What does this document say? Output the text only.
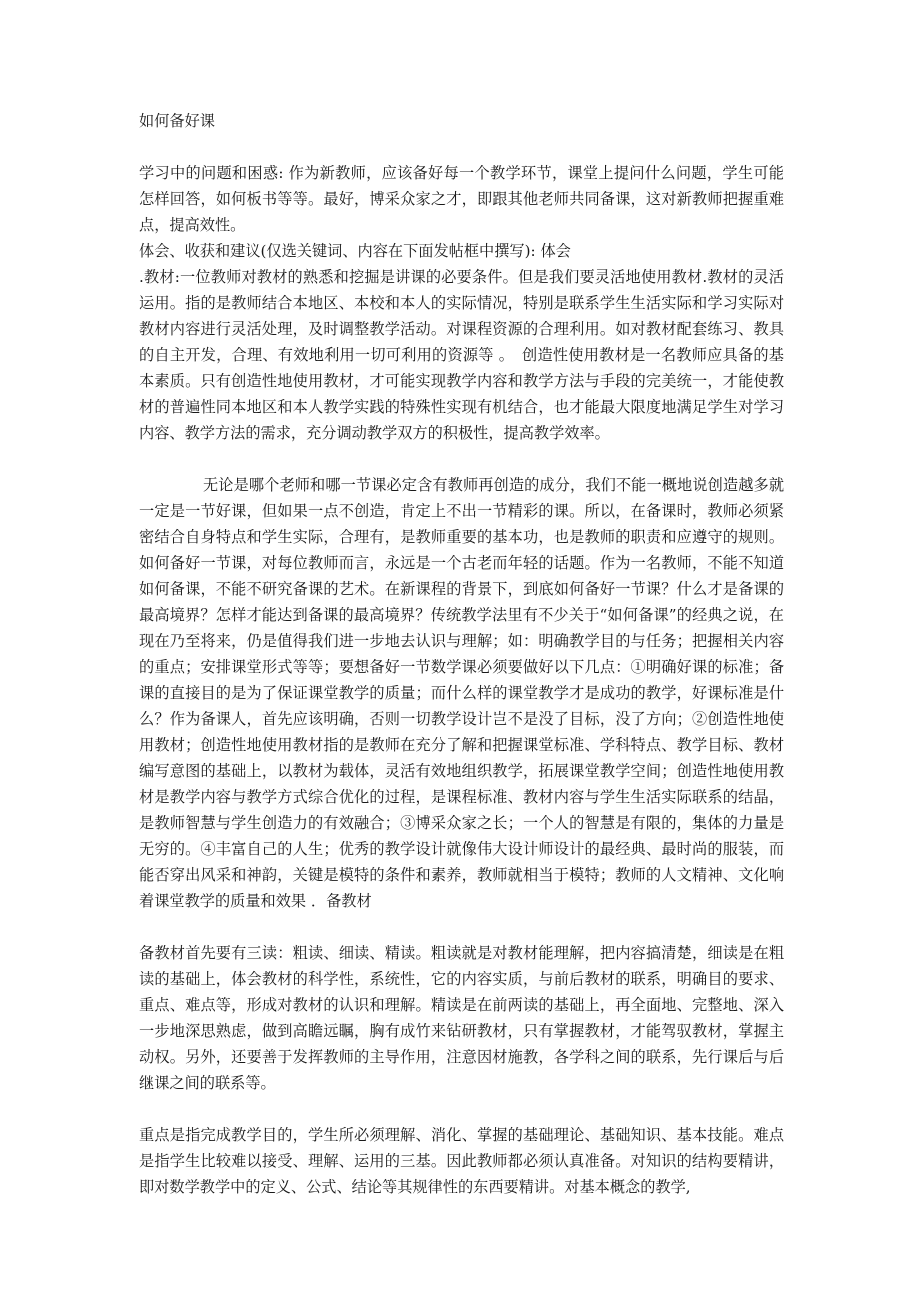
如何备好课

学习中的问题和困惑: 作为新教师，应该备好每一个教学环节，课堂上提问什么问题，学生可能怎样回答，如何板书等等。最好，博采众家之才，即跟其他老师共同备课，这对新教师把握重难点，提高效性。

体会、收获和建议(仅选关键词、内容在下面发帖框中撰写): 体会

.教材:一位教师对教材的熟悉和挖掘是讲课的必要条件。但是我们要灵活地使用教材.教材的灵活运用。指的是教师结合本地区、本校和本人的实际情况，特别是联系学生生活实际和学习实际对教材内容进行灵活处理，及时调整教学活动。对课程资源的合理利用。如对教材配套练习、教具的自主开发，合理、有效地利用一切可利用的资源等 。　创造性使用教材是一名教师应具备的基本素质。只有创造性地使用教材，才可能实现教学内容和教学方法与手段的完美统一，才能使教材的普遍性同本地区和本人教学实践的特殊性实现有机结合，也才能最大限度地满足学生对学习内容、教学方法的需求，充分调动教学双方的积极性，提高教学效率。

无论是哪个老师和哪一节课必定含有教师再创造的成分，我们不能一概地说创造越多就一定是一节好课，但如果一点不创造，肯定上不出一节精彩的课。所以，在备课时，教师必须紧密结合自身特点和学生实际，合理有，是教师重要的基本功，也是教师的职责和应遵守的规则。如何备好一节课，对每位教师而言，永远是一个古老而年轻的话题。作为一名教师，不能不知道如何备课，不能不研究备课的艺术。在新课程的背景下，到底如何备好一节课？什么才是备课的最高境界？怎样才能达到备课的最高境界？传统教学法里有不少关于“如何备课”的经典之说，在现在乃至将来，仍是值得我们进一步地去认识与理解；如：明确教学目的与任务；把握相关内容的重点；安排课堂形式等等；要想备好一节数学课必须要做好以下几点：①明确好课的标准；备课的直接目的是为了保证课堂教学的质量；而什么样的课堂教学才是成功的教学，好课标准是什么？作为备课人，首先应该明确，否则一切教学设计岂不是没了目标，没了方向；②创造性地使用教材；创造性地使用教材指的是教师在充分了解和把握课堂标准、学科特点、教学目标、教材编写意图的基础上，以教材为载体，灵活有效地组织教学，拓展课堂教学空间；创造性地使用教材是教学内容与教学方式综合优化的过程，是课程标准、教材内容与学生生活实际联系的结晶，是教师智慧与学生创造力的有效融合；③博采众家之长；一个人的智慧是有限的，集体的力量是无穷的。④丰富自己的人生；优秀的教学设计就像伟大设计师设计的最经典、最时尚的服装，而能否穿出风采和神韵，关键是模特的条件和素养，教师就相当于模特；教师的人文精神、文化响着课堂教学的质量和效果 ．备教材

备教材首先要有三读：粗读、细读、精读。粗读就是对教材能理解，把内容搞清楚，细读是在粗读的基础上，体会教材的科学性，系统性，它的内容实质，与前后教材的联系，明确目的要求、重点、难点等，形成对教材的认识和理解。精读是在前两读的基础上，再全面地、完整地、深入一步地深思熟虑，做到高瞻远瞩，胸有成竹来钻研教材，只有掌握教材，才能驾驭教材，掌握主动权。另外，还要善于发挥教师的主导作用，注意因材施教，各学科之间的联系，先行课后与后继课之间的联系等。

重点是指完成教学目的，学生所必须理解、消化、掌握的基础理论、基础知识、基本技能。难点是指学生比较难以接受、理解、运用的三基。因此教师都必须认真准备。对知识的结构要精讲，即对数学教学中的定义、公式、结论等其规律性的东西要精讲。对基本概念的教学,
